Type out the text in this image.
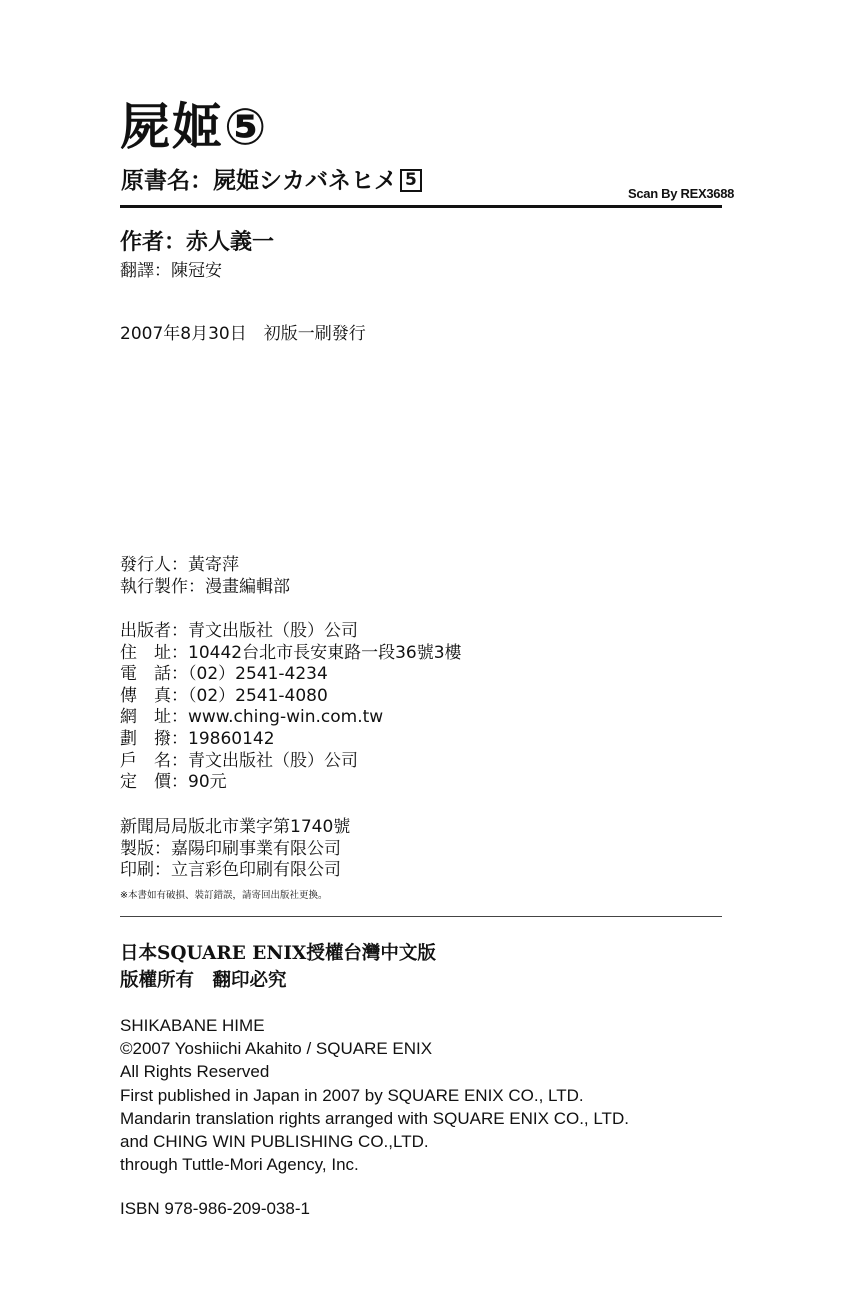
屍姬⑤
原書名：屍姫シカバネヒメ 5
Scan By REX3688
作者：赤人義一
翻譯：陳冠安
2007年8月30日　初版一刷發行
發行人：黃寄萍
執行製作：漫畫編輯部
出版者：青文出版社（股）公司
住　址：10442台北市長安東路一段36號3樓
電　話：（02）2541-4234
傳　真：（02）2541-4080
網　址：www.ching-win.com.tw
劃　撥：19860142
戶　名：青文出版社（股）公司
定　價：90元
新聞局局版北市業字第1740號
製版：嘉陽印刷事業有限公司
印刷：立言彩色印刷有限公司
※本書如有破損、裝訂錯誤，請寄回出版社更換。
日本SQUARE ENIX授權台灣中文版
版權所有　翻印必究
SHIKABANE HIME
©2007 Yoshiichi Akahito / SQUARE ENIX
All Rights Reserved
First published in Japan in 2007 by SQUARE ENIX CO., LTD.
Mandarin translation rights arranged with SQUARE ENIX CO., LTD.
and CHING WIN PUBLISHING CO.,LTD.
through Tuttle-Mori Agency, Inc.
ISBN 978-986-209-038-1
